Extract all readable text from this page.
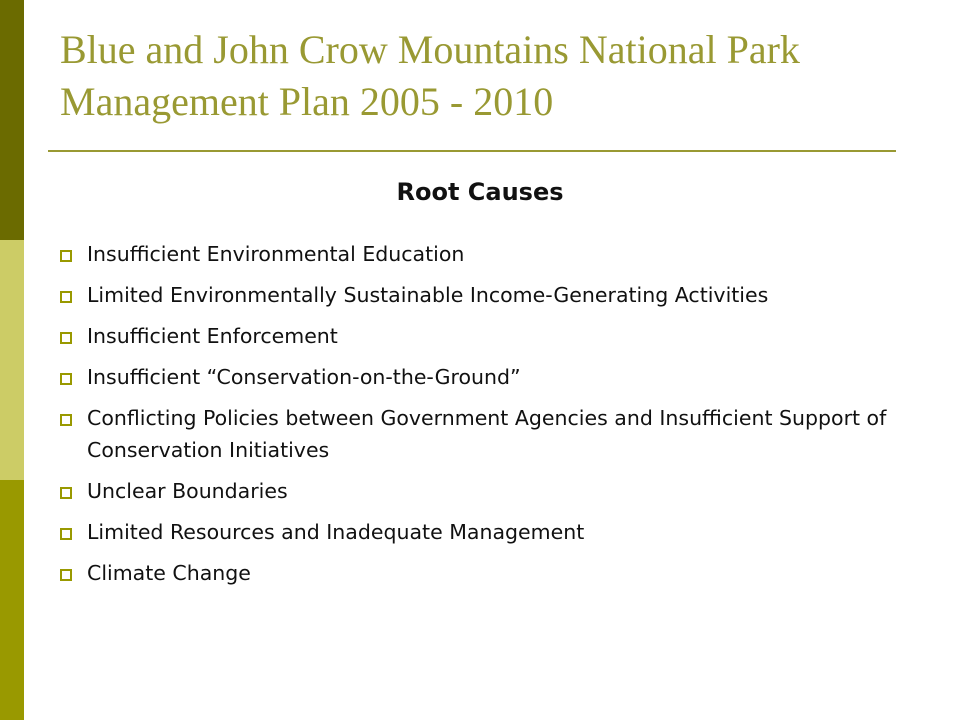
Blue and John Crow Mountains National Park Management Plan 2005 - 2010
Root Causes
Insufficient Environmental Education
Limited Environmentally Sustainable Income-Generating Activities
Insufficient Enforcement
Insufficient “Conservation-on-the-Ground”
Conflicting Policies between Government Agencies and Insufficient Support of Conservation Initiatives
Unclear Boundaries
Limited Resources and Inadequate Management
Climate Change
